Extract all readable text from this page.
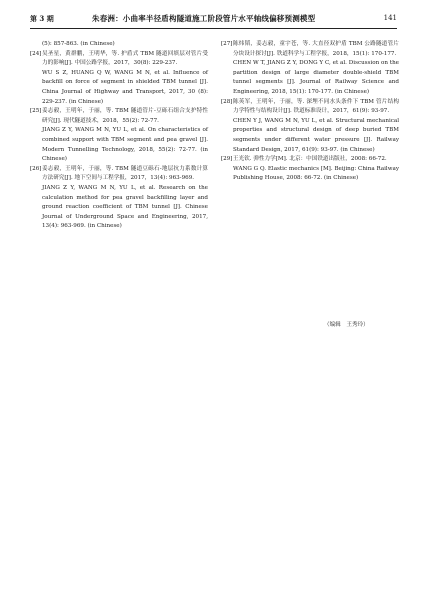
第 3 期	朱春洲：小曲率半径盾构隧道施工阶段管片水平轴线偏移预测模型	141

(5): 857-863. (in Chinese)

[24] 吴圣星，黄群鹏，王明华，等. 护盾式 TBM 隧道回填层对管片受力的影响[J]. 中国公路学报，2017，30(8): 229-237.

WU S Z, HUANG Q W, WANG M N, et al. Influence of backfill on force of segment in shielded TBM tunnel [J]. China Journal of Highway and Transport, 2017, 30 (8): 229-237. (in Chinese)

[25] 姜志毅，王明年，于丽，等. TBM 隧道管片-豆砾石组合支护特性研究[J]. 现代隧道技术，2018，55(2): 72-77.

JIANG Z Y, WANG M N, YU L, et al. On characteristics of combined support with TBM segment and pea gravel [J]. Modern Tunnelling Technology, 2018, 55(2): 72-77. (in Chinese)

[26] 姜志毅，王明年，于丽，等. TBM 隧道豆砾石-地层抗力系数计算方法研究[J]. 地下空间与工程学报，2017，13(4): 963-969.

JIANG Z Y, WANG M N, YU L, et al. Research on the calculation method for pea gravel backfilling layer and ground reaction coefficient of TBM tunnel [J]. Chinese Journal of Underground Space and Engineering, 2017, 13(4): 963-969. (in Chinese)

[27] 陈炜韬，姜志毅，童宇苍，等. 大直径双护盾 TBM 公路隧道管片分块设计探讨[J]. 铁道科学与工程学报，2018，15(1): 170-177.

CHEN W T, JIANG Z Y, DONG Y C, et al. Discussion on the partition design of large diameter double-shield TBM tunnel segments [J]. Journal of Railway Science and Engineering, 2018, 15(1): 170-177. (in Chinese)

[28] 陈英军，王明年，于丽，等. 深埋不同水头条件下 TBM 管片结构力学特性与结构设计[J]. 铁道标准设计，2017，61(9): 93-97.

CHEN Y J, WANG M N, YU L, et al. Structural mechanical properties and structural design of deep buried TBM segments under different water pressure [J]. Railway Standard Design, 2017, 61(9): 93-97. (in Chinese)

[29] 王光钦. 弹性力学[M]. 北京：中国铁道出版社，2008: 66-72.

WANG G Q. Elastic mechanics [M]. Beijing: China Railway Publishing House, 2008: 66-72. (in Chinese)

（编辑　王秀玲）
